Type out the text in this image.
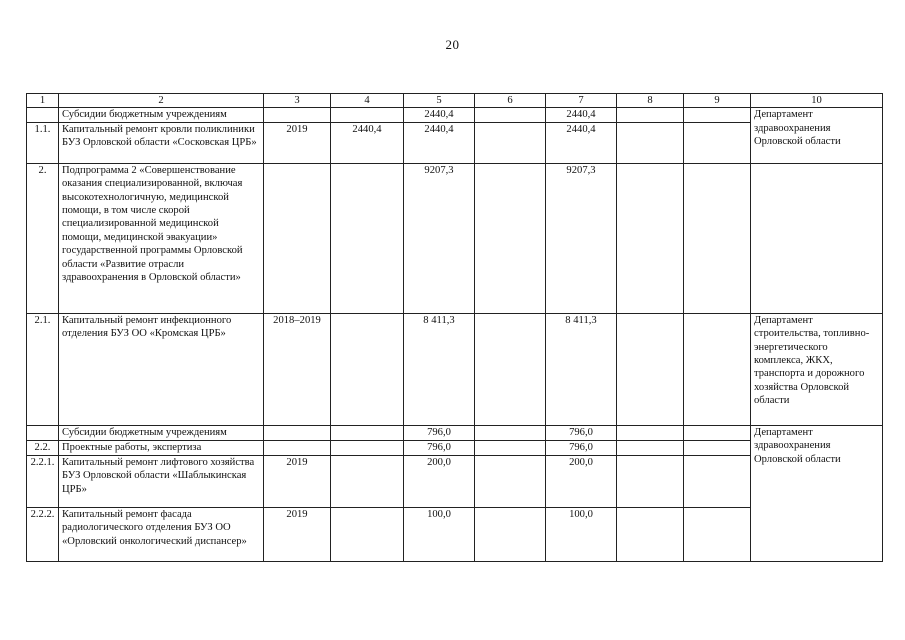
20
1	2	3	4	5	6	7	8	9	10
	Субсидии бюджетным учреждениям			2440,4		2440,4			Департамент здравоохранения Орловской области
1.1.	Капитальный ремонт кровли поликлиники БУЗ Орловской области «Сосковская ЦРБ»	2019	2440,4	2440,4		2440,4			
2.	Подпрограмма 2 «Совершенствование оказания специализированной, включая высокотехнологичную, медицинской помощи, в том числе скорой специализированной медицинской помощи, медицинской эвакуации» государственной программы Орловской области «Развитие отрасли здравоохранения в Орловской области»			9207,3		9207,3			
2.1.	Капитальный ремонт инфекционного отделения БУЗ ОО «Кромская ЦРБ»	2018–2019		8 411,3		8 411,3			Департамент строительства, топливно-энергетического комплекса, ЖКХ, транспорта и дорожного хозяйства Орловской области
	Субсидии бюджетным учреждениям			796,0		796,0			Департамент здравоохранения Орловской области
2.2.	Проектные работы, экспертиза			796,0		796,0			
2.2.1.	Капитальный ремонт лифтового хозяйства БУЗ Орловской области «Шаблыкинская ЦРБ»	2019		200,0		200,0			
2.2.2.	Капитальный ремонт фасада радиологического отделения БУЗ ОО «Орловский онкологический диспансер»	2019		100,0		100,0			
